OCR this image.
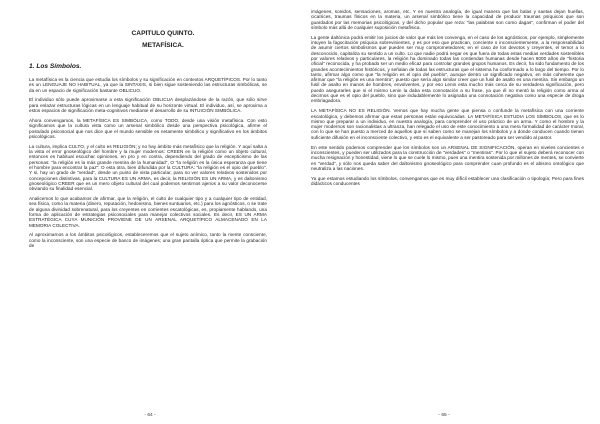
CAPÍTULO QUINTO.
METAFÍSICA.
1. Los Símbolos.

La metafísica es la ciencia que estudia los símbolos y su significación en contextos ARQUETÍPICOS. Por lo tanto es un LENGUAJE NO HABITUAL, ya que la SINTAXIS, si bien sigue sosteniendo las estructuras simbólicas, se da en un espacio de significación bastante OBLICUO.

El individuo sólo puede aproximarse a esta significación OBLICUA desplazándose de la razón, que sólo sirve para enlazar estructuras lógicas en un lenguaje habitual de su horizonte virtual. El individuo, así, se aproxima a estos espacios de significación meta-cognitivos mediante el desarrollo de su INTUICIÓN SIMBÓLICA.

Ahora convengamos, la METAFÍSICA ES SIMBÓLICA, como TODO, desde una visión metafísica. Con esto significamos que la cultura vista como un arsenal simbólico desde una perspectiva psicológica, afirme el postulado psicosocial que nos dice que el mundo sensible es netamente simbólico y significativo en los ámbitos psicológicos.

La cultura, implica CULTO, y el culto es RELIGIÓN; y no hay ámbito más metafísico que la religión. Y aquí salta a la vista el error gnoseológico del hombre y la mujer modernos: CREEN en la religión como un objeto cultural, entonces es habitual escuchar opiniones, en pro y en contra, dependiendo del grado de escepticismo de las personas: "la religión es la más grande mentira de la humanidad", O "la religión es la única esperanza que tiene el hombre para encontrar la paz": O esta otra, bien difundida por la CULTURA: "la religión es el opio del pueblo". Y si, hay un grado de "verdad", desde un punto de vista particular, para no ver valores relativos sostenidos por concepciones distintivas, para la CULTURA ES UN ARMA, es decir, la RELIGIÓN ES UN ARMA, y es daltonismo gnoseológico CREER que es un mero objeto cultural del cual podemos sentirnos ajenos a su valor deconocerse obviando su finalidad esencial.

Analicemos lo que acabamos de afirmar, que la religión, el culto de cualquier tipo y a cualquier tipo de entidad, sea física, como la materia (dinero, reputación, hedonismo, bienes suntuarios, etc.) para los agnósticos, o se trate de alguna divinidad sobrenatural, para los creyentes en corrientes escatológicas, es, propiamente hablando, una forma de aplicación de estrategias psicosociales para manejar colectivos sociales. Es decir, ES UN ARMA ESTRATÉGICA CUYA MUNICIÓN PROVIENE DE UN ARSENAL ARQUETÍPICO ALMACENADO EN LA MEMORIA COLECTIVA.

Al aproximarnos a los ámbitos psicológicos, estableceremos que el sujeto anímico, tanto la mente consciente, como la inconsciente, son una especie de banco de imágenes; una gran pantalla óptica que permite la grabación de

- 64 -

imágenes, sonidos, sensaciones, aromas, etc. Y en nuestra analogía, de igual manera que las balas y saetas dejan huellas, cicatrices, traumas físicos en la materia, un arsenal simbólico tiene la capacidad de producir traumas psíquicos que son guardados por las memorias psicológicas, y del dicho popular que reza: "las palabras son como dagas", confirman el poder del símbolo más allá de cualquier suposición metafísica.

La gente daltónica podrá emitir los juicios de valor que más les convenga, en el caso de los agnósticos, por ejemplo, simplemente intuyen la fagocitación psíquica sobrevinientes, y es por eso que practican, conciente o inconscientemente, a la responsabilidad de asumir ciertos simbolismos que pueden ser muy comprometedores; en el caso de los devotos y creyentes, el temor a lo desconocido, capitaliza su sentido a un culto. Lo que nadie podrá negar es que fuera de todas estas medias verdades sostenibles por valores relativos y particulares, la religión ha dominado todas las contiendas humanas desde hacen 6000 años de "historia oficial" reconocida, y ha probado ser un medio eficaz para controlar grandes grupos humanos. Es decir, ha sido fundamento de los grandes acontecimientos históricos, y señalan de todas las estructuras que el sistema ha conformado a lo largo del tiempo. Por lo tanto, afirmar algo como que "la religión es el opio del pueblo", aunque dentro un significado negativo, en más coherente que afirmar que "la religión es una mentira", puesto que sería algo similar creer que un fusil de asalto es una mentira. Sin embargo un fusil de asalto en manos de hombres, envolventes, y por eso Lenin esta mucho más cerca de su verdadera significación, pero puedo asegurarles que ni el mismo Lenin la daba esta connotación a su frase, ya que él no mentó la religión como arma al decirnos que es el opio del pueblo, sino que indudablemente lo asignaba una connotación negativa como una especie de droga embriagadora.

LA METAFÍSICA NO ES RELIGIÓN. Vemos que hay mucha gente que piensa o confunde la metafísica con una corriente escatológica, y debemos afirmar que estas personas están equivocadas. LA METAFÍSICA ESTUDIA LOS SÍMBOLOS, que es lo mismo que preparar a un individuo, en nuestra analogía, para comprender el uso práctico de un arma. Y como el hombre y la mujer modernos son racionalistas a ultranza, han relegado el uso de este conocimiento a una mera formalidad de carácter moral, con lo que se han puesto a merced de aquellos que sí saben como se manejan los símbolos y a donde conducen cuando tienen suficiente difusión en el inconsciente colectivo, y esto es el equivalente a ser pastoreado para ser vendido al pastor.

En este sentido podemos comprender que los símbolos son un ARSENAL DE SIGNIFICACIÓN, operan en niveles concientes e inconscientes, y pueden ser utilizados para la construcción de "verdades" o "mentiras". Por lo que el sujeto deberá reconocer con mucha resignación y honestidad, viene lo que se cuele lo mismo, pues una mentira sostenida por millones de mentes, se convierte en "verdad", y sólo nos queda saber del daltonismo gnoseológico para comprender cuan profundo es el abismo ontológico que neutraliza a las naciones.

Ya que estamos estudiando los símbolos, convengamos que es muy difícil establecer una clasificación o tipología; Pero para fines didácticos conducentes

- 65 -
